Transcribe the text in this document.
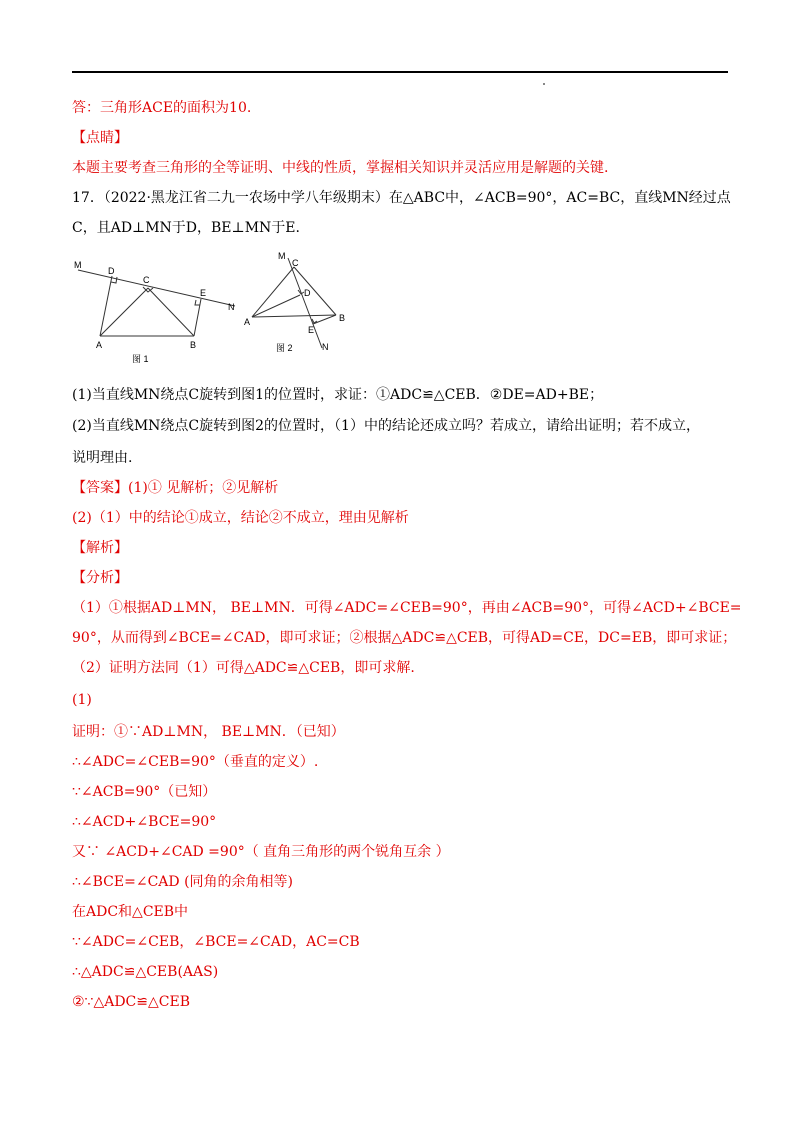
答：三角形ACE的面积为10.
【点睛】
本题主要考查三角形的全等证明、中线的性质，掌握相关知识并灵活应用是解题的关键.
17．（2022·黑龙江省二九一农场中学八年级期末）在△ABC中，∠ACB=90°，AC=BC，直线MN经过点
C，且AD⊥MN于D，BE⊥MN于E.
M
D
C
E
N
A	B
图 1
M
C
D
A	B
E
N
图 2
(1)当直线MN绕点C旋转到图1的位置时，求证：①ADC≌△CEB．②DE=AD+BE；
(2)当直线MN绕点C旋转到图2的位置时，（1）中的结论还成立吗？若成立，请给出证明；若不成立，
说明理由.
【答案】(1)① 见解析；②见解析
(2)（1）中的结论①成立，结论②不成立，理由见解析
【解析】
【分析】
（1）①根据AD⊥MN， BE⊥MN．可得∠ADC=∠CEB=90°，再由∠ACB=90°，可得∠ACD+∠BCE=
90°，从而得到∠BCE=∠CAD，即可求证；②根据△ADC≌△CEB，可得AD=CE，DC=EB，即可求证；
（2）证明方法同（1）可得△ADC≌△CEB，即可求解.
(1)
证明：①∵AD⊥MN， BE⊥MN．（已知）
∴∠ADC=∠CEB=90°（垂直的定义）.
∵∠ACB=90°（已知）
∴∠ACD+∠BCE=90°
又∵ ∠ACD+∠CAD =90°（ 直角三角形的两个锐角互余 ）
∴∠BCE=∠CAD (同角的余角相等)
在ADC和△CEB中
∵∠ADC=∠CEB，∠BCE=∠CAD，AC=CB
∴△ADC≌△CEB(AAS)
②∵△ADC≌△CEB
